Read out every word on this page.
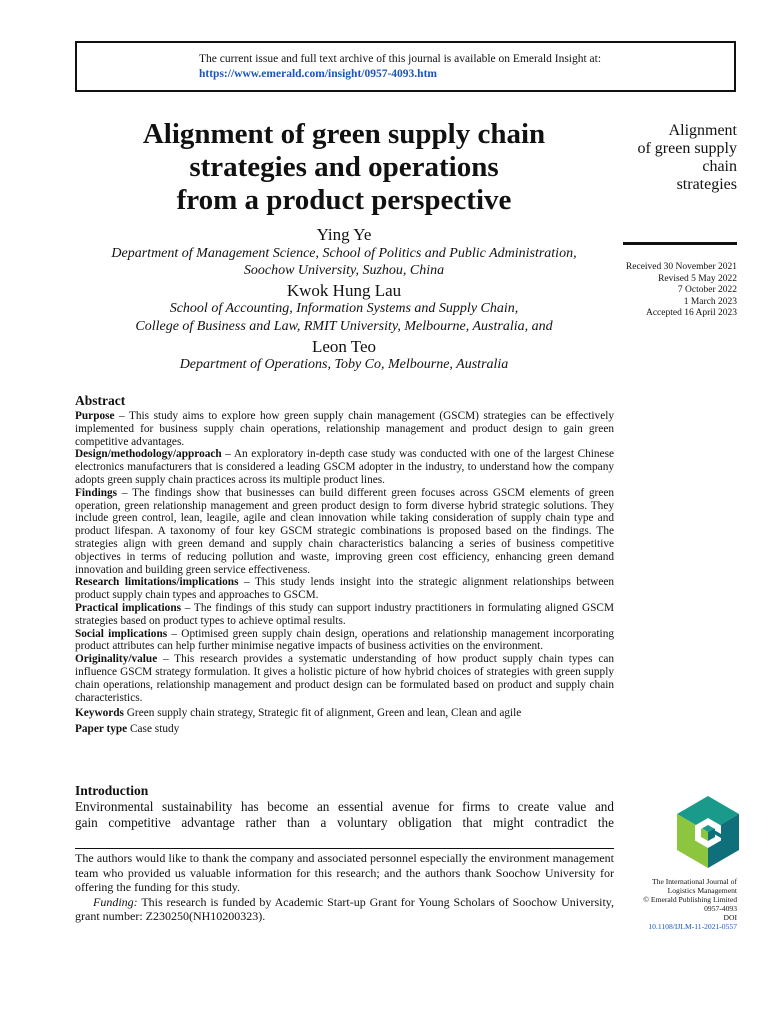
The current issue and full text archive of this journal is available on Emerald Insight at:
https://www.emerald.com/insight/0957-4093.htm
Alignment of green supply chain
strategies and operations
from a product perspective
Ying Ye
Department of Management Science, School of Politics and Public Administration,
Soochow University, Suzhou, China
Kwok Hung Lau
School of Accounting, Information Systems and Supply Chain,
College of Business and Law, RMIT University, Melbourne, Australia, and
Leon Teo
Department of Operations, Toby Co, Melbourne, Australia
Alignment
of green supply
chain
strategies
Received 30 November 2021
Revised 5 May 2022
7 October 2022
1 March 2023
Accepted 16 April 2023
Abstract

Purpose – This study aims to explore how green supply chain management (GSCM) strategies can be effectively implemented for business supply chain operations, relationship management and product design to gain green competitive advantages.

Design/methodology/approach – An exploratory in-depth case study was conducted with one of the largest Chinese electronics manufacturers that is considered a leading GSCM adopter in the industry, to understand how the company adopts green supply chain practices across its multiple product lines.

Findings – The findings show that businesses can build different green focuses across GSCM elements of green operation, green relationship management and green product design to form diverse hybrid strategic solutions. They include green control, lean, leagile, agile and clean innovation while taking consideration of supply chain type and product lifespan. A taxonomy of four key GSCM strategic combinations is proposed based on the findings. The strategies align with green demand and supply chain characteristics balancing a series of business competitive objectives in terms of reducing pollution and waste, improving green cost efficiency, enhancing green demand innovation and building green service effectiveness.

Research limitations/implications – This study lends insight into the strategic alignment relationships between product supply chain types and approaches to GSCM.

Practical implications – The findings of this study can support industry practitioners in formulating aligned GSCM strategies based on product types to achieve optimal results.

Social implications – Optimised green supply chain design, operations and relationship management incorporating product attributes can help further minimise negative impacts of business activities on the environment.

Originality/value – This research provides a systematic understanding of how product supply chain types can influence GSCM strategy formulation. It gives a holistic picture of how hybrid choices of strategies with green supply chain operations, relationship management and product design can be formulated based on product and supply chain characteristics.

Keywords Green supply chain strategy, Strategic fit of alignment, Green and lean, Clean and agile

Paper type Case study

Introduction
Environmental sustainability has become an essential avenue for firms to create value and
gain competitive advantage rather than a voluntary obligation that might contradict the

The authors would like to thank the company and associated personnel especially the environment management team who provided us valuable information for this research; and the authors thank Soochow University for offering the funding for this study.

Funding: This research is funded by Academic Start-up Grant for Young Scholars of Soochow University, grant number: Z230250(NH10200323).

The International Journal of
Logistics Management
© Emerald Publishing Limited
0957-4093
DOI
10.1108/IJLM-11-2021-0557
